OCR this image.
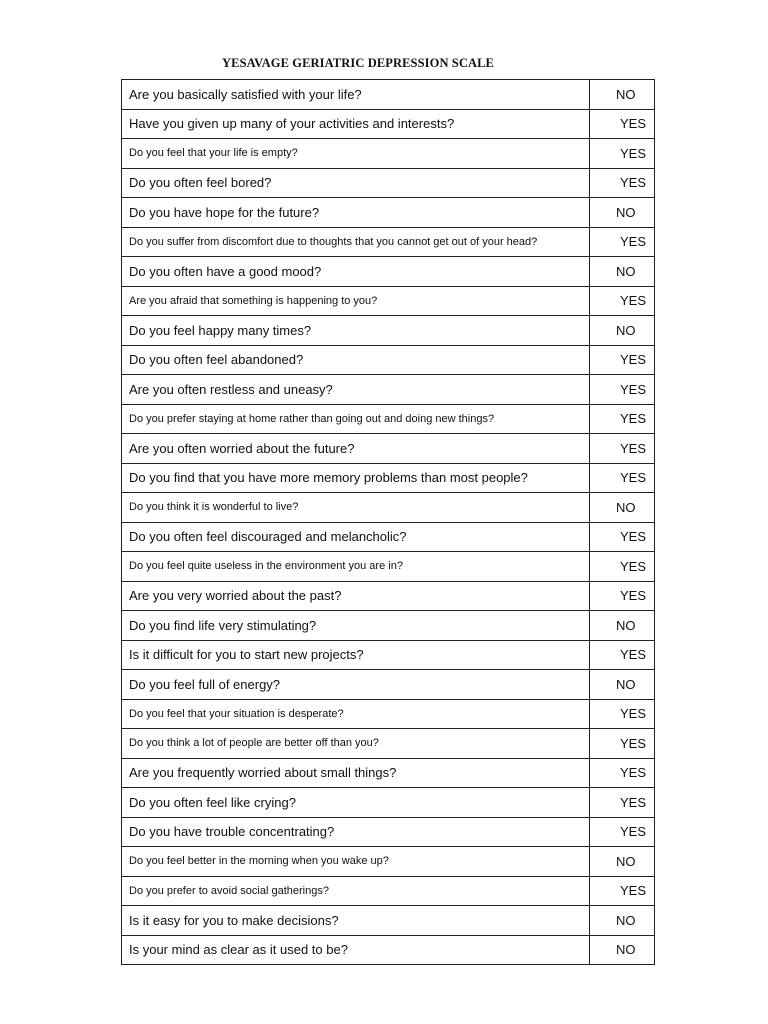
YESAVAGE GERIATRIC DEPRESSION SCALE
Are you basically satisfied with your life?	NO
Have you given up many of your activities and interests?	YES
Do you feel that your life is empty?	YES
Do you often feel bored?	YES
Do you have hope for the future?	NO
Do you suffer from discomfort due to thoughts that you cannot get out of your head?	YES
Do you often have a good mood?	NO
Are you afraid that something is happening to you?	YES
Do you feel happy many times?	NO
Do you often feel abandoned?	YES
Are you often restless and uneasy?	YES
Do you prefer staying at home rather than going out and doing new things?	YES
Are you often worried about the future?	YES
Do you find that you have more memory problems than most people?	YES
Do you think it is wonderful to live?	NO
Do you often feel discouraged and melancholic?	YES
Do you feel quite useless in the environment you are in?	YES
Are you very worried about the past?	YES
Do you find life very stimulating?	NO
Is it difficult for you to start new projects?	YES
Do you feel full of energy?	NO
Do you feel that your situation is desperate?	YES
Do you think a lot of people are better off than you?	YES
Are you frequently worried about small things?	YES
Do you often feel like crying?	YES
Do you have trouble concentrating?	YES
Do you feel better in the morning when you wake up?	NO
Do you prefer to avoid social gatherings?	YES
Is it easy for you to make decisions?	NO
Is your mind as clear as it used to be?	NO
